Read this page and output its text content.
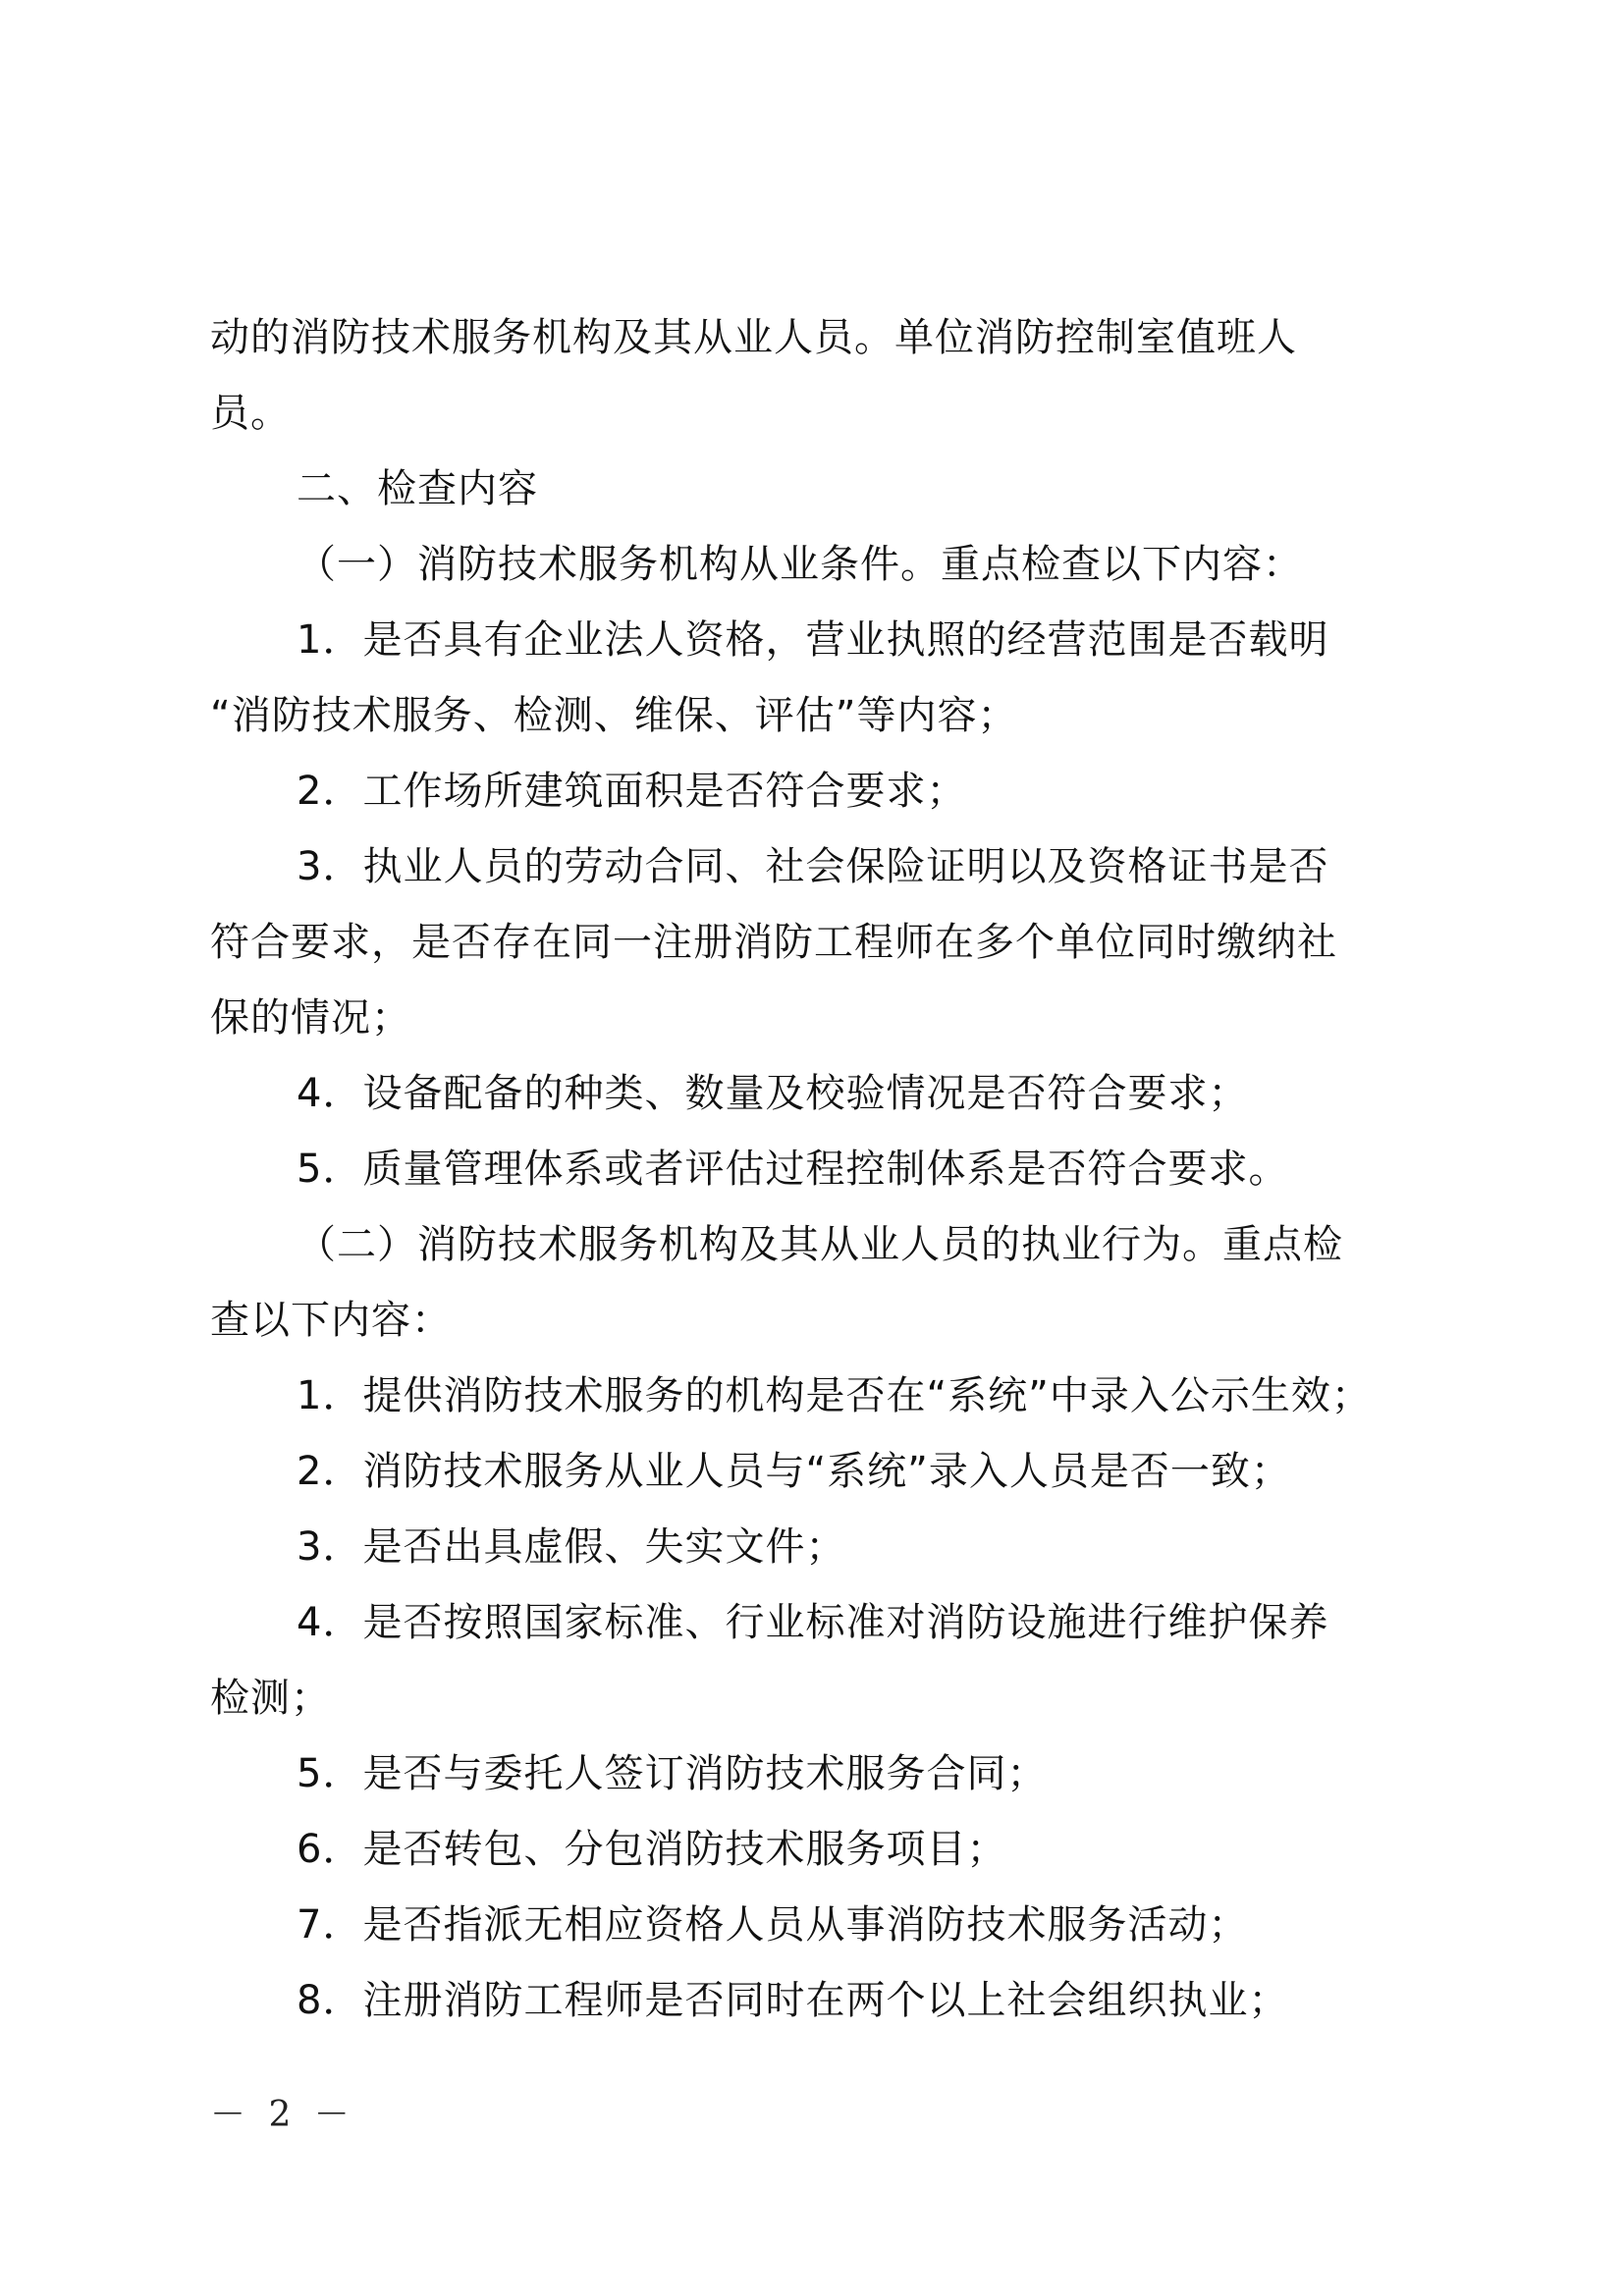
动的消防技术服务机构及其从业人员。单位消防控制室值班人

员。

二、检查内容

（一）消防技术服务机构从业条件。重点检查以下内容：

1．是否具有企业法人资格，营业执照的经营范围是否载明

“消防技术服务、检测、维保、评估”等内容；

2．工作场所建筑面积是否符合要求；

3．执业人员的劳动合同、社会保险证明以及资格证书是否

符合要求，是否存在同一注册消防工程师在多个单位同时缴纳社

保的情况；

4．设备配备的种类、数量及校验情况是否符合要求；

5．质量管理体系或者评估过程控制体系是否符合要求。

（二）消防技术服务机构及其从业人员的执业行为。重点检

查以下内容：

1．提供消防技术服务的机构是否在“系统”中录入公示生效；

2．消防技术服务从业人员与“系统”录入人员是否一致；

3．是否出具虚假、失实文件；

4．是否按照国家标准、行业标准对消防设施进行维护保养

检测；

5．是否与委托人签订消防技术服务合同；

6．是否转包、分包消防技术服务项目；

7．是否指派无相应资格人员从事消防技术服务活动；

8．注册消防工程师是否同时在两个以上社会组织执业；

－ 2 －
